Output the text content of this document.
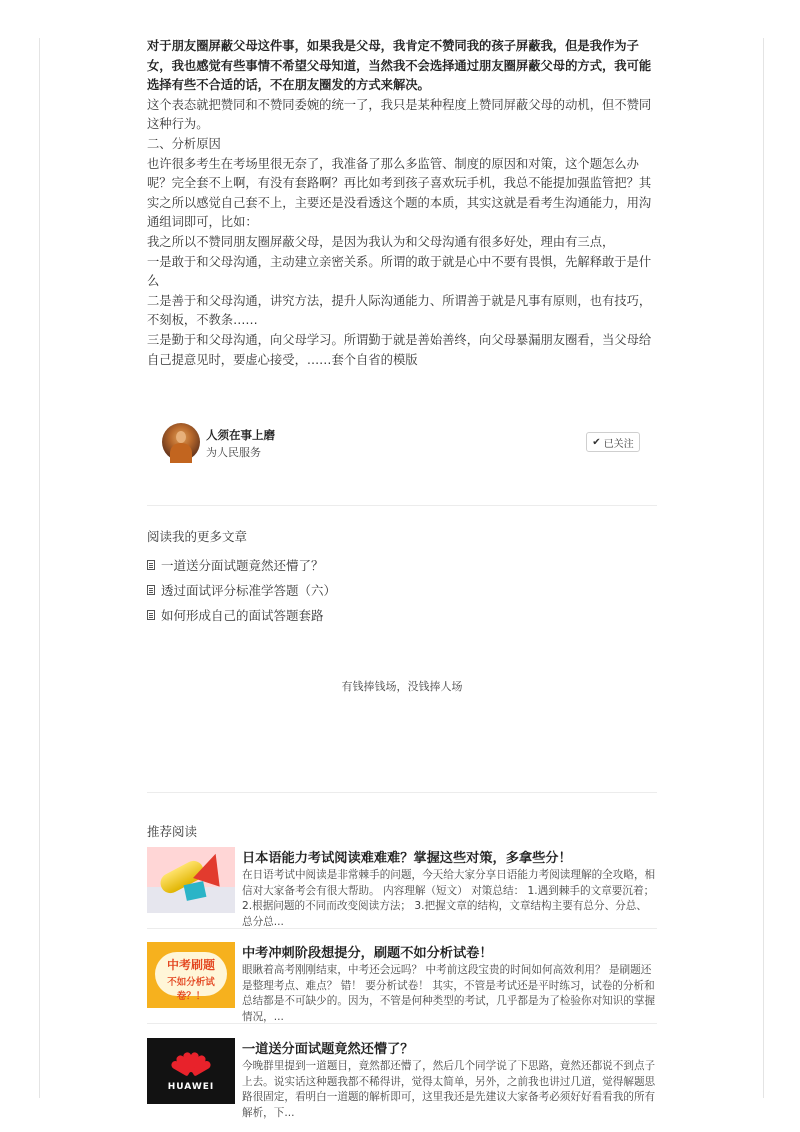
对于朋友圈屏蔽父母这件事，如果我是父母，我肯定不赞同我的孩子屏蔽我，但是我作为子女，我也感觉有些事情不希望父母知道，当然我不会选择通过朋友圈屏蔽父母的方式，我可能选择有些不合适的话，不在朋友圈发的方式来解决。

这个表态就把赞同和不赞同委婉的统一了，我只是某种程度上赞同屏蔽父母的动机，但不赞同这种行为。

二、分析原因

也许很多考生在考场里很无奈了，我准备了那么多监管、制度的原因和对策，这个题怎么办呢？完全套不上啊，有没有套路啊？再比如考到孩子喜欢玩手机，我总不能提加强监管把？其实之所以感觉自己套不上，主要还是没看透这个题的本质，其实这就是看考生沟通能力，用沟通组词即可，比如：

我之所以不赞同朋友圈屏蔽父母，是因为我认为和父母沟通有很多好处，理由有三点，

一是敢于和父母沟通，主动建立亲密关系。所谓的敢于就是心中不要有畏惧，先解释敢于是什么

二是善于和父母沟通，讲究方法，提升人际沟通能力、所谓善于就是凡事有原则，也有技巧，不刻板，不教条……

三是勤于和父母沟通，向父母学习。所谓勤于就是善始善终，向父母暴漏朋友圈看，当父母给自己提意见时，要虚心接受，……套个自省的模版

人须在事上磨
为人民服务
✔ 已关注
阅读我的更多文章
一道送分面试题竟然还懵了？
透过面试评分标准学答题（六）
如何形成自己的面试答题套路
有钱捧钱场，没钱捧人场
推荐阅读
日本语能力考试阅读难难难？掌握这些对策，多拿些分！
在日语考试中阅读是非常棘手的问题，今天给大家分享日语能力考阅读理解的全攻略，相信对大家备考会有很大帮助。 内容理解（短文） 对策总结： 1.遇到棘手的文章要沉着； 2.根据问题的不同而改变阅读方法； 3.把握文章的结构，文章结构主要有总分、分总、总分总...
中考刷题
不如分析试卷？！
中考冲刺阶段想提分，刷题不如分析试卷！
眼瞅着高考刚刚结束，中考还会远吗？ 中考前这段宝贵的时间如何高效利用？ 是刷题还是整理考点、难点？ 错！ 要分析试卷！ 其实，不管是考试还是平时练习，试卷的分析和总结都是不可缺少的。因为，不管是何种类型的考试，几乎都是为了检验你对知识的掌握情况，...
HUAWEI
一道送分面试题竟然还懵了？
今晚群里提到一道题目，竟然都还懵了，然后几个同学说了下思路，竟然还都说不到点子上去。说实话这种题我都不稀得讲，觉得太简单，另外，之前我也讲过几道，觉得解题思路很固定，看明白一道题的解析即可，这里我还是先建议大家备考必须好好看看我的所有解析，下...
